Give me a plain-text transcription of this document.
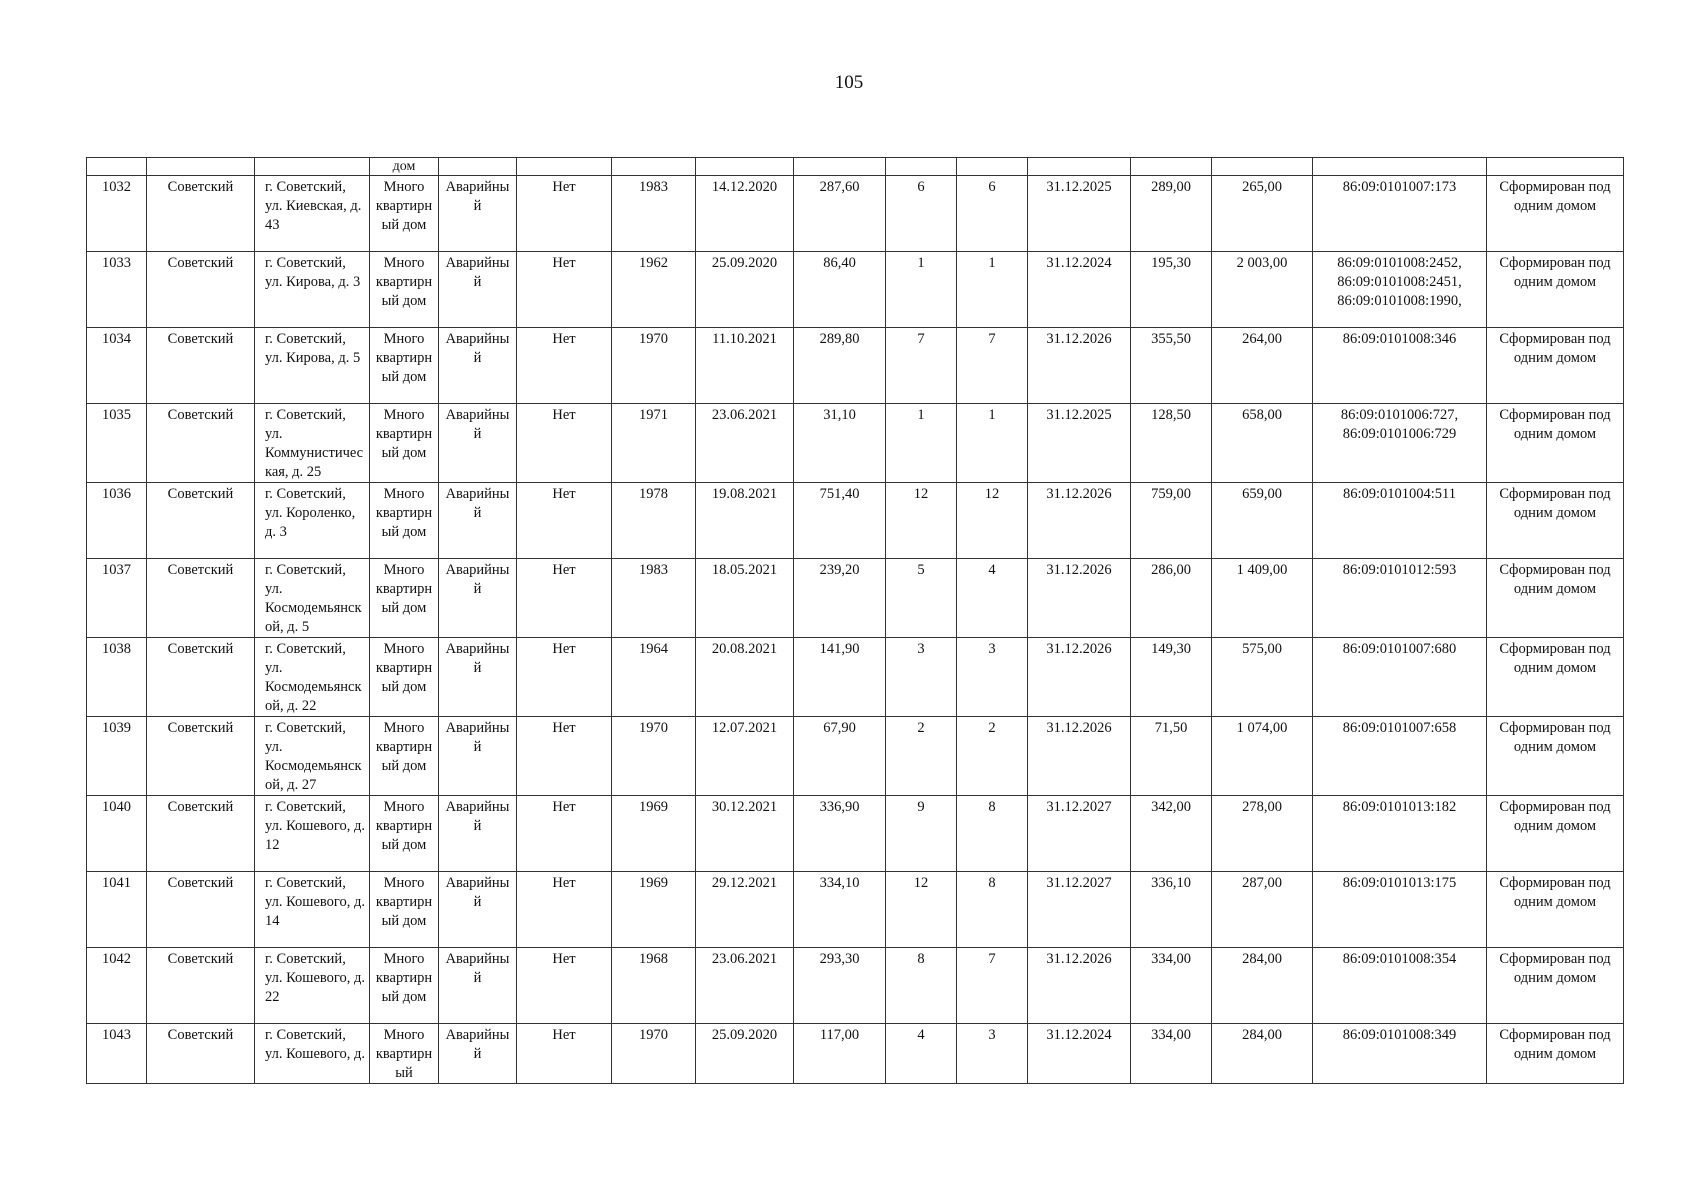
105
			дом												
1032	Советский	г. Советский, ул. Киевская, д. 43	Много квартирный дом	Аварийный	Нет	1983	14.12.2020	287,60	6	6	31.12.2025	289,00	265,00	86:09:0101007:173	Сформирован под одним домом
1033	Советский	г. Советский, ул. Кирова, д. 3	Много квартирный дом	Аварийный	Нет	1962	25.09.2020	86,40	1	1	31.12.2024	195,30	2 003,00	86:09:0101008:2452, 86:09:0101008:2451, 86:09:0101008:1990,	Сформирован под одним домом
1034	Советский	г. Советский, ул. Кирова, д. 5	Много квартирный дом	Аварийный	Нет	1970	11.10.2021	289,80	7	7	31.12.2026	355,50	264,00	86:09:0101008:346	Сформирован под одним домом
1035	Советский	г. Советский, ул. Коммунистическая, д. 25	Много квартирный дом	Аварийный	Нет	1971	23.06.2021	31,10	1	1	31.12.2025	128,50	658,00	86:09:0101006:727, 86:09:0101006:729	Сформирован под одним домом
1036	Советский	г. Советский, ул. Короленко, д. 3	Много квартирный дом	Аварийный	Нет	1978	19.08.2021	751,40	12	12	31.12.2026	759,00	659,00	86:09:0101004:511	Сформирован под одним домом
1037	Советский	г. Советский, ул. Космодемьянской, д. 5	Много квартирный дом	Аварийный	Нет	1983	18.05.2021	239,20	5	4	31.12.2026	286,00	1 409,00	86:09:0101012:593	Сформирован под одним домом
1038	Советский	г. Советский, ул. Космодемьянской, д. 22	Много квартирный дом	Аварийный	Нет	1964	20.08.2021	141,90	3	3	31.12.2026	149,30	575,00	86:09:0101007:680	Сформирован под одним домом
1039	Советский	г. Советский, ул. Космодемьянской, д. 27	Много квартирный дом	Аварийный	Нет	1970	12.07.2021	67,90	2	2	31.12.2026	71,50	1 074,00	86:09:0101007:658	Сформирован под одним домом
1040	Советский	г. Советский, ул. Кошевого, д. 12	Много квартирный дом	Аварийный	Нет	1969	30.12.2021	336,90	9	8	31.12.2027	342,00	278,00	86:09:0101013:182	Сформирован под одним домом
1041	Советский	г. Советский, ул. Кошевого, д. 14	Много квартирный дом	Аварийный	Нет	1969	29.12.2021	334,10	12	8	31.12.2027	336,10	287,00	86:09:0101013:175	Сформирован под одним домом
1042	Советский	г. Советский, ул. Кошевого, д. 22	Много квартирный дом	Аварийный	Нет	1968	23.06.2021	293,30	8	7	31.12.2026	334,00	284,00	86:09:0101008:354	Сформирован под одним домом
1043	Советский	г. Советский, ул. Кошевого, д.	Много квартирный	Аварийный	Нет	1970	25.09.2020	117,00	4	3	31.12.2024	334,00	284,00	86:09:0101008:349	Сформирован под одним домом
